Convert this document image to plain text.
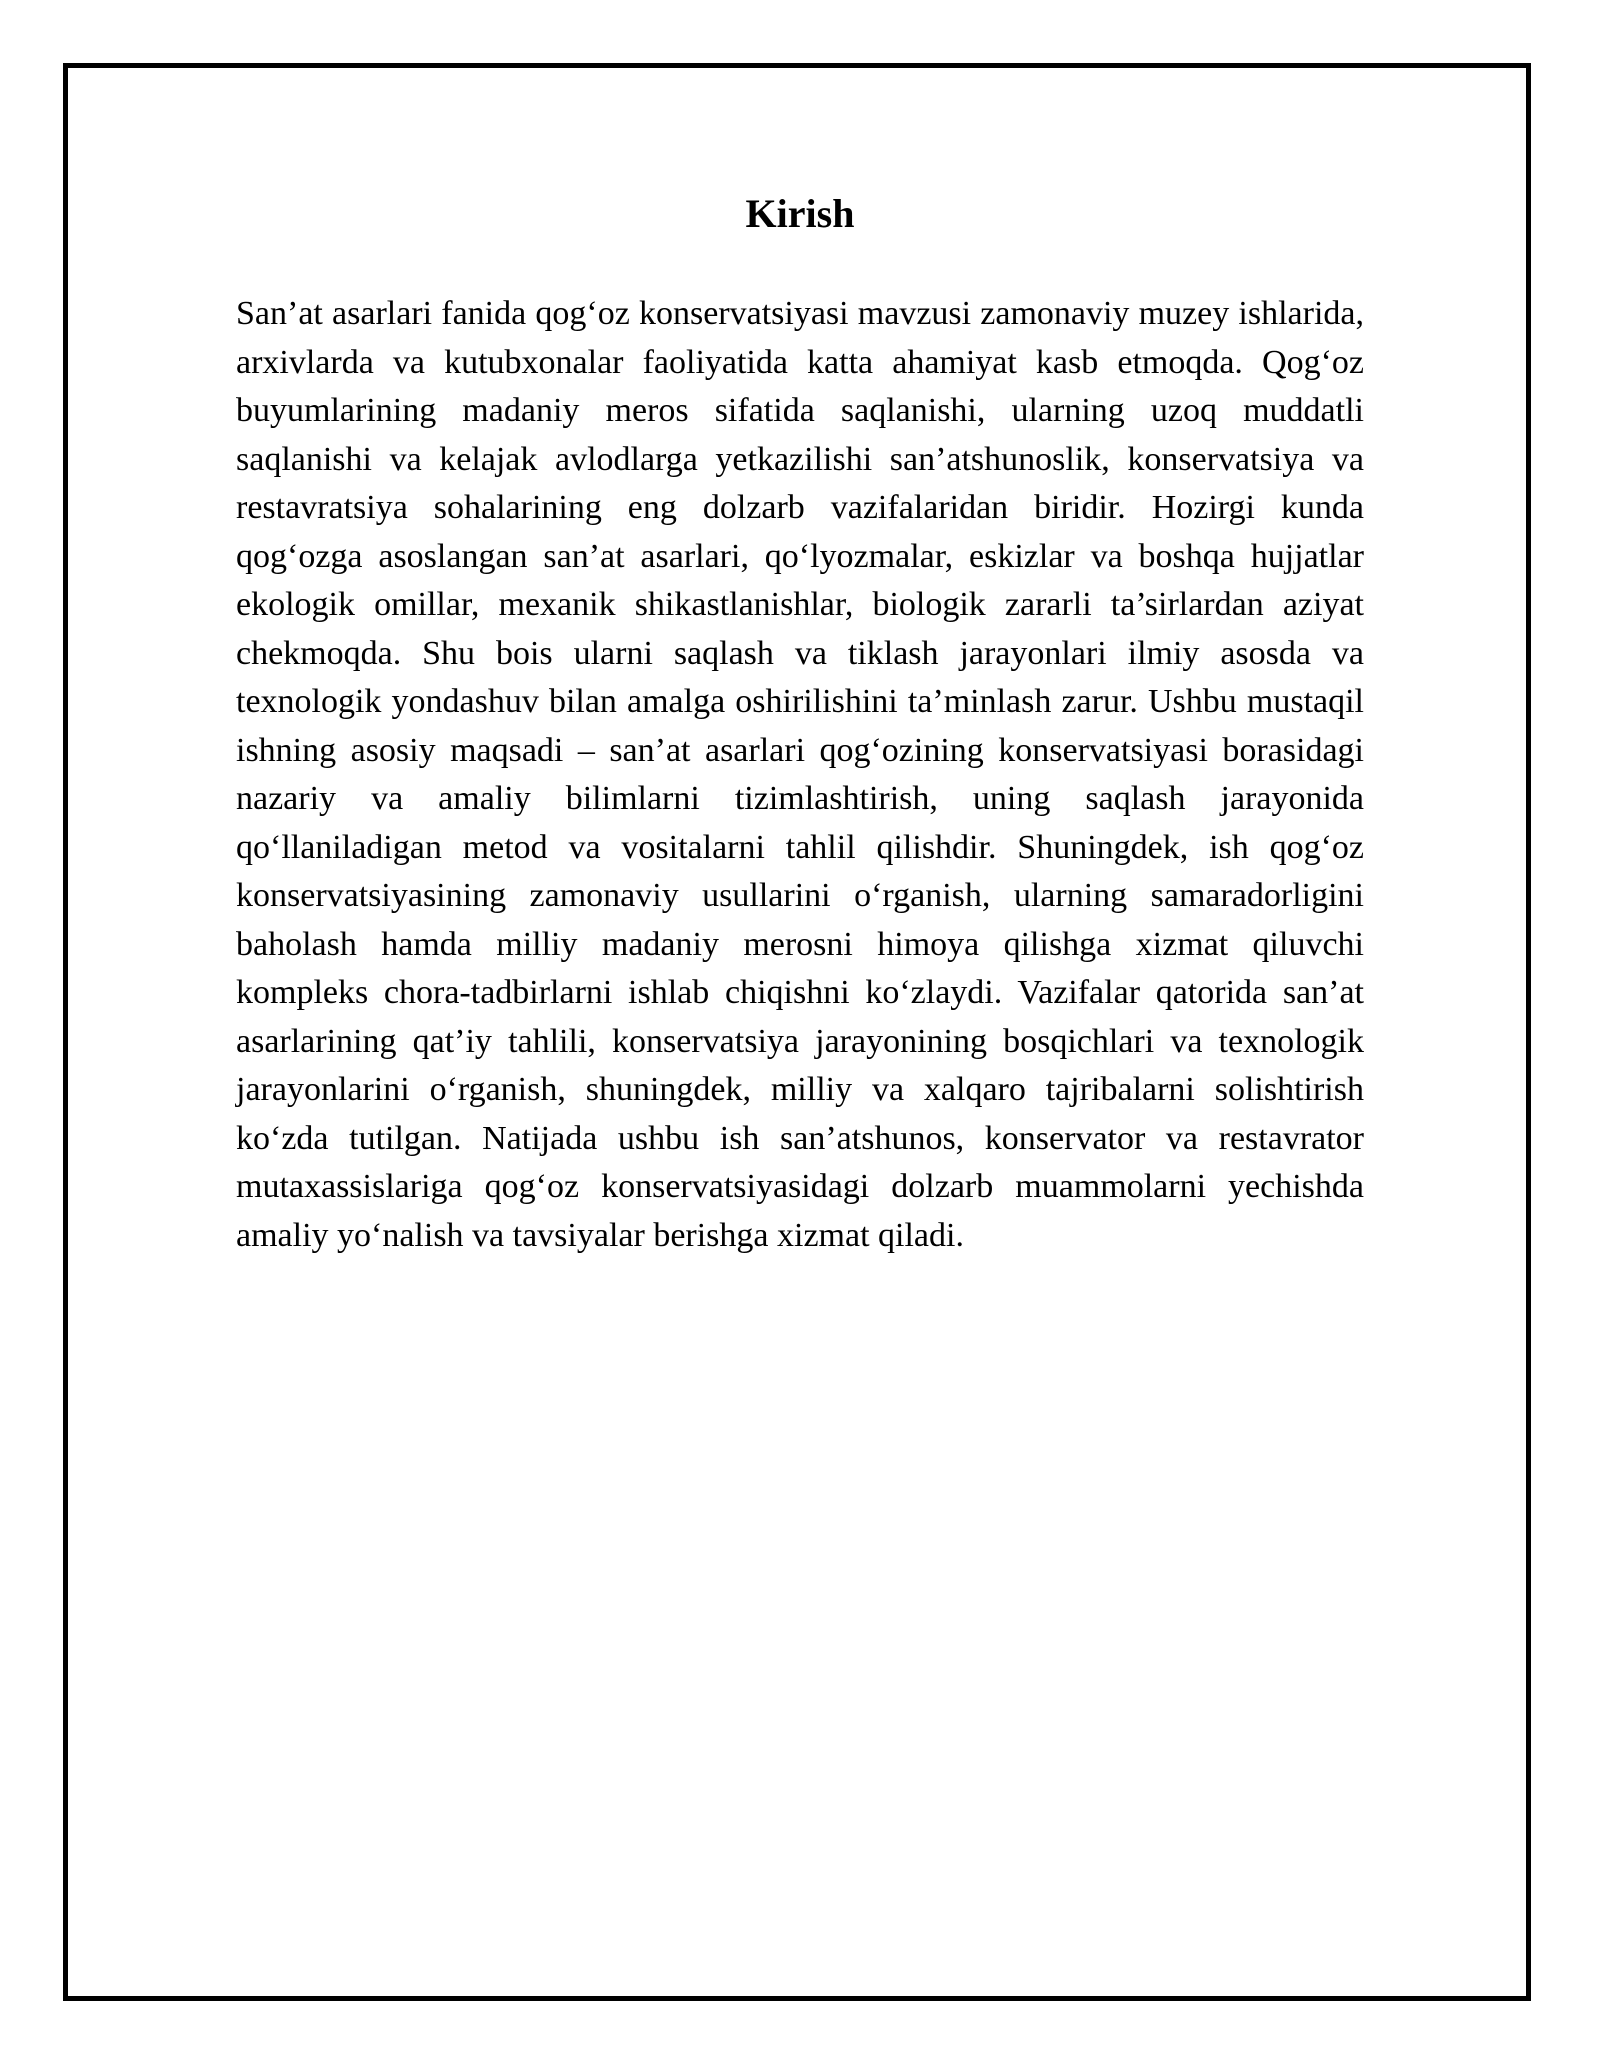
Kirish

San’at asarlari fanida qog‘oz konservatsiyasi mavzusi zamonaviy muzey ishlarida, arxivlarda va kutubxonalar faoliyatida katta ahamiyat kasb etmoqda. Qog‘oz buyumlarining madaniy meros sifatida saqlanishi, ularning uzoq muddatli saqlanishi va kelajak avlodlarga yetkazilishi san’atshunoslik, konservatsiya va restavratsiya sohalarining eng dolzarb vazifalaridan biridir. Hozirgi kunda qog‘ozga asoslangan san’at asarlari, qo‘lyozmalar, eskizlar va boshqa hujjatlar ekologik omillar, mexanik shikastlanishlar, biologik zararli ta’sirlardan aziyat chekmoqda. Shu bois ularni saqlash va tiklash jarayonlari ilmiy asosda va texnologik yondashuv bilan amalga oshirilishini ta’minlash zarur. Ushbu mustaqil ishning asosiy maqsadi – san’at asarlari qog‘ozining konservatsiyasi borasidagi nazariy va amaliy bilimlarni tizimlashtirish, uning saqlash jarayonida qo‘llaniladigan metod va vositalarni tahlil qilishdir. Shuningdek, ish qog‘oz konservatsiyasining zamonaviy usullarini o‘rganish, ularning samaradorligini baholash hamda milliy madaniy merosni himoya qilishga xizmat qiluvchi kompleks chora-tadbirlarni ishlab chiqishni ko‘zlaydi. Vazifalar qatorida san’at asarlarining qat’iy tahlili, konservatsiya jarayonining bosqichlari va texnologik jarayonlarini o‘rganish, shuningdek, milliy va xalqaro tajribalarni solishtirish ko‘zda tutilgan. Natijada ushbu ish san’atshunos, konservator va restavrator mutaxassislariga qog‘oz konservatsiyasidagi dolzarb muammolarni yechishda amaliy yo‘nalish va tavsiyalar berishga xizmat qiladi.
